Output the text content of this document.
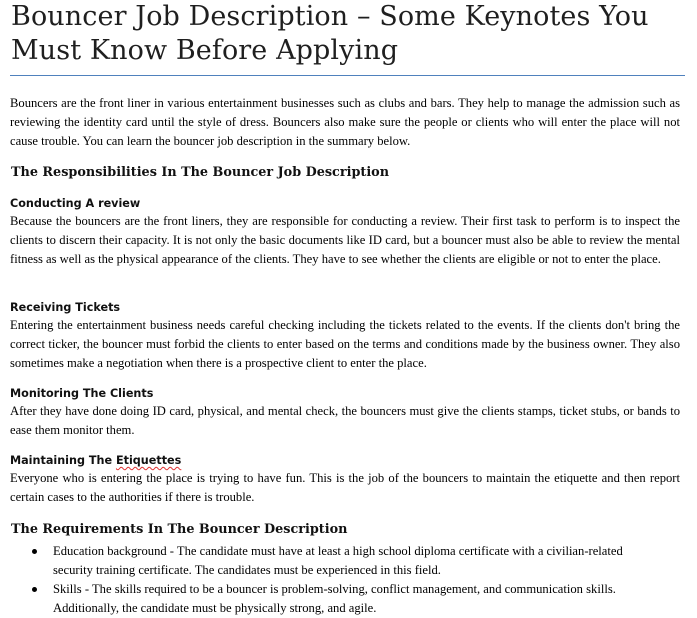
Bouncer Job Description – Some Keynotes You Must Know Before Applying

Bouncers are the front liner in various entertainment businesses such as clubs and bars. They help to manage the admission such as reviewing the identity card until the style of dress. Bouncers also make sure the people or clients who will enter the place will not cause trouble. You can learn the bouncer job description in the summary below.

The Responsibilities In The Bouncer Job Description
Conducting A review

Because the bouncers are the front liners, they are responsible for conducting a review. Their first task to perform is to inspect the clients to discern their capacity. It is not only the basic documents like ID card, but a bouncer must also be able to review the mental fitness as well as the physical appearance of the clients. They have to see whether the clients are eligible or not to enter the place.

Receiving Tickets

Entering the entertainment business needs careful checking including the tickets related to the events. If the clients don't bring the correct ticker, the bouncer must forbid the clients to enter based on the terms and conditions made by the business owner. They also sometimes make a negotiation when there is a prospective client to enter the place.

Monitoring The Clients

After they have done doing ID card, physical, and mental check, the bouncers must give the clients stamps, ticket stubs, or bands to ease them monitor them.

Maintaining The Etiquettes

Everyone who is entering the place is trying to have fun. This is the job of the bouncers to maintain the etiquette and then report certain cases to the authorities if there is trouble.

The Requirements In The Bouncer Description
Education background - The candidate must have at least a high school diploma certificate with a civilian-related security training certificate. The candidates must be experienced in this field.
Skills - The skills required to be a bouncer is problem-solving, conflict management, and communication skills. Additionally, the candidate must be physically strong, and agile.
